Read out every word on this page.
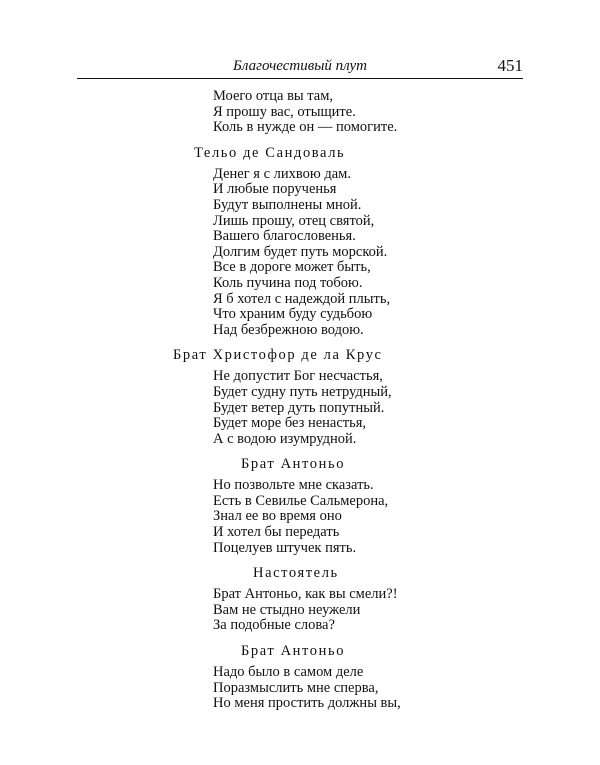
Благочестивый плут	451
Моего отца вы там,
Я прошу вас, отыщите.
Коль в нужде он — помогите.
Тельо де Сандоваль
Денег я с лихвою дам.
И любые порученья
Будут выполнены мной.
Лишь прошу, отец святой,
Вашего благословенья.
Долгим будет путь морской.
Все в дороге может быть,
Коль пучина под тобою.
Я б хотел с надеждой плыть,
Что храним буду судьбою
Над безбрежною водою.
Брат Христофор де ла Крус
Не допустит Бог несчастья,
Будет судну путь нетрудный,
Будет ветер дуть попутный.
Будет море без ненастья,
А с водою изумрудной.
Брат Антоньо
Но позвольте мне сказать.
Есть в Севилье Сальмерона,
Знал ее во время оно
И хотел бы передать
Поцелуев штучек пять.
Настоятель
Брат Антоньо, как вы смели?!
Вам не стыдно неужели
За подобные слова?
Брат Антоньо
Надо было в самом деле
Поразмыслить мне сперва,
Но меня простить должны вы,
